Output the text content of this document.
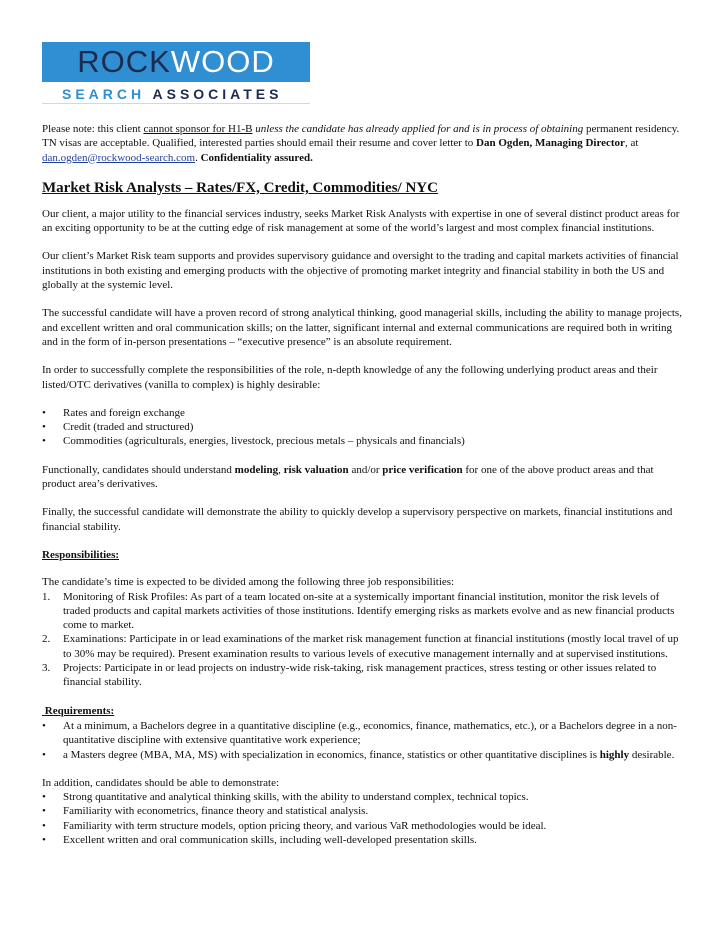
ROCK WOOD
SEARCH ASSOCIATES

Please note: this client cannot sponsor for H1-B unless the candidate has already applied for and is in process of obtaining permanent residency. TN visas are acceptable. Qualified, interested parties should email their resume and cover letter to Dan Ogden, Managing Director, at dan.ogden@rockwood-search.com. Confidentiality assured.

Market Risk Analysts – Rates/FX, Credit, Commodities/ NYC

Our client, a major utility to the financial services industry, seeks Market Risk Analysts with expertise in one of several distinct product areas for an exciting opportunity to be at the cutting edge of risk management at some of the world’s largest and most complex financial institutions.

Our client’s Market Risk team supports and provides supervisory guidance and oversight to the trading and capital markets activities of financial institutions in both existing and emerging products with the objective of promoting market integrity and financial stability in both the US and globally at the systemic level.

The successful candidate will have a proven record of strong analytical thinking, good managerial skills, including the ability to manage projects, and excellent written and oral communication skills; on the latter, significant internal and external communications are required both in writing and in the form of in-person presentations – “executive presence” is an absolute requirement.

In order to successfully complete the responsibilities of the role, n-depth knowledge of any the following underlying product areas and their listed/OTC derivatives (vanilla to complex) is highly desirable:

• Rates and foreign exchange
• Credit (traded and structured)
• Commodities (agriculturals, energies, livestock, precious metals – physicals and financials)

Functionally, candidates should understand modeling, risk valuation and/or price verification for one of the above product areas and that product area’s derivatives.

Finally, the successful candidate will demonstrate the ability to quickly develop a supervisory perspective on markets, financial institutions and financial stability.

Responsibilities:
The candidate’s time is expected to be divided among the following three job responsibilities:
1. Monitoring of Risk Profiles: As part of a team located on-site at a systemically important financial institution, monitor the risk levels of traded products and capital markets activities of those institutions. Identify emerging risks as markets evolve and as new financial products come to market.
2. Examinations: Participate in or lead examinations of the market risk management function at financial institutions (mostly local travel of up to 30% may be required). Present examination results to various levels of executive management internally and at supervised institutions.
3. Projects: Participate in or lead projects on industry-wide risk-taking, risk management practices, stress testing or other issues related to financial stability.
Requirements:
• At a minimum, a Bachelors degree in a quantitative discipline (e.g., economics, finance, mathematics, etc.), or a Bachelors degree in a non-quantitative discipline with extensive quantitative work experience;
• a Masters degree (MBA, MA, MS) with specialization in economics, finance, statistics or other quantitative disciplines is highly desirable.
In addition, candidates should be able to demonstrate:
• Strong quantitative and analytical thinking skills, with the ability to understand complex, technical topics.
• Familiarity with econometrics, finance theory and statistical analysis.
• Familiarity with term structure models, option pricing theory, and various VaR methodologies would be ideal.
• Excellent written and oral communication skills, including well-developed presentation skills.
